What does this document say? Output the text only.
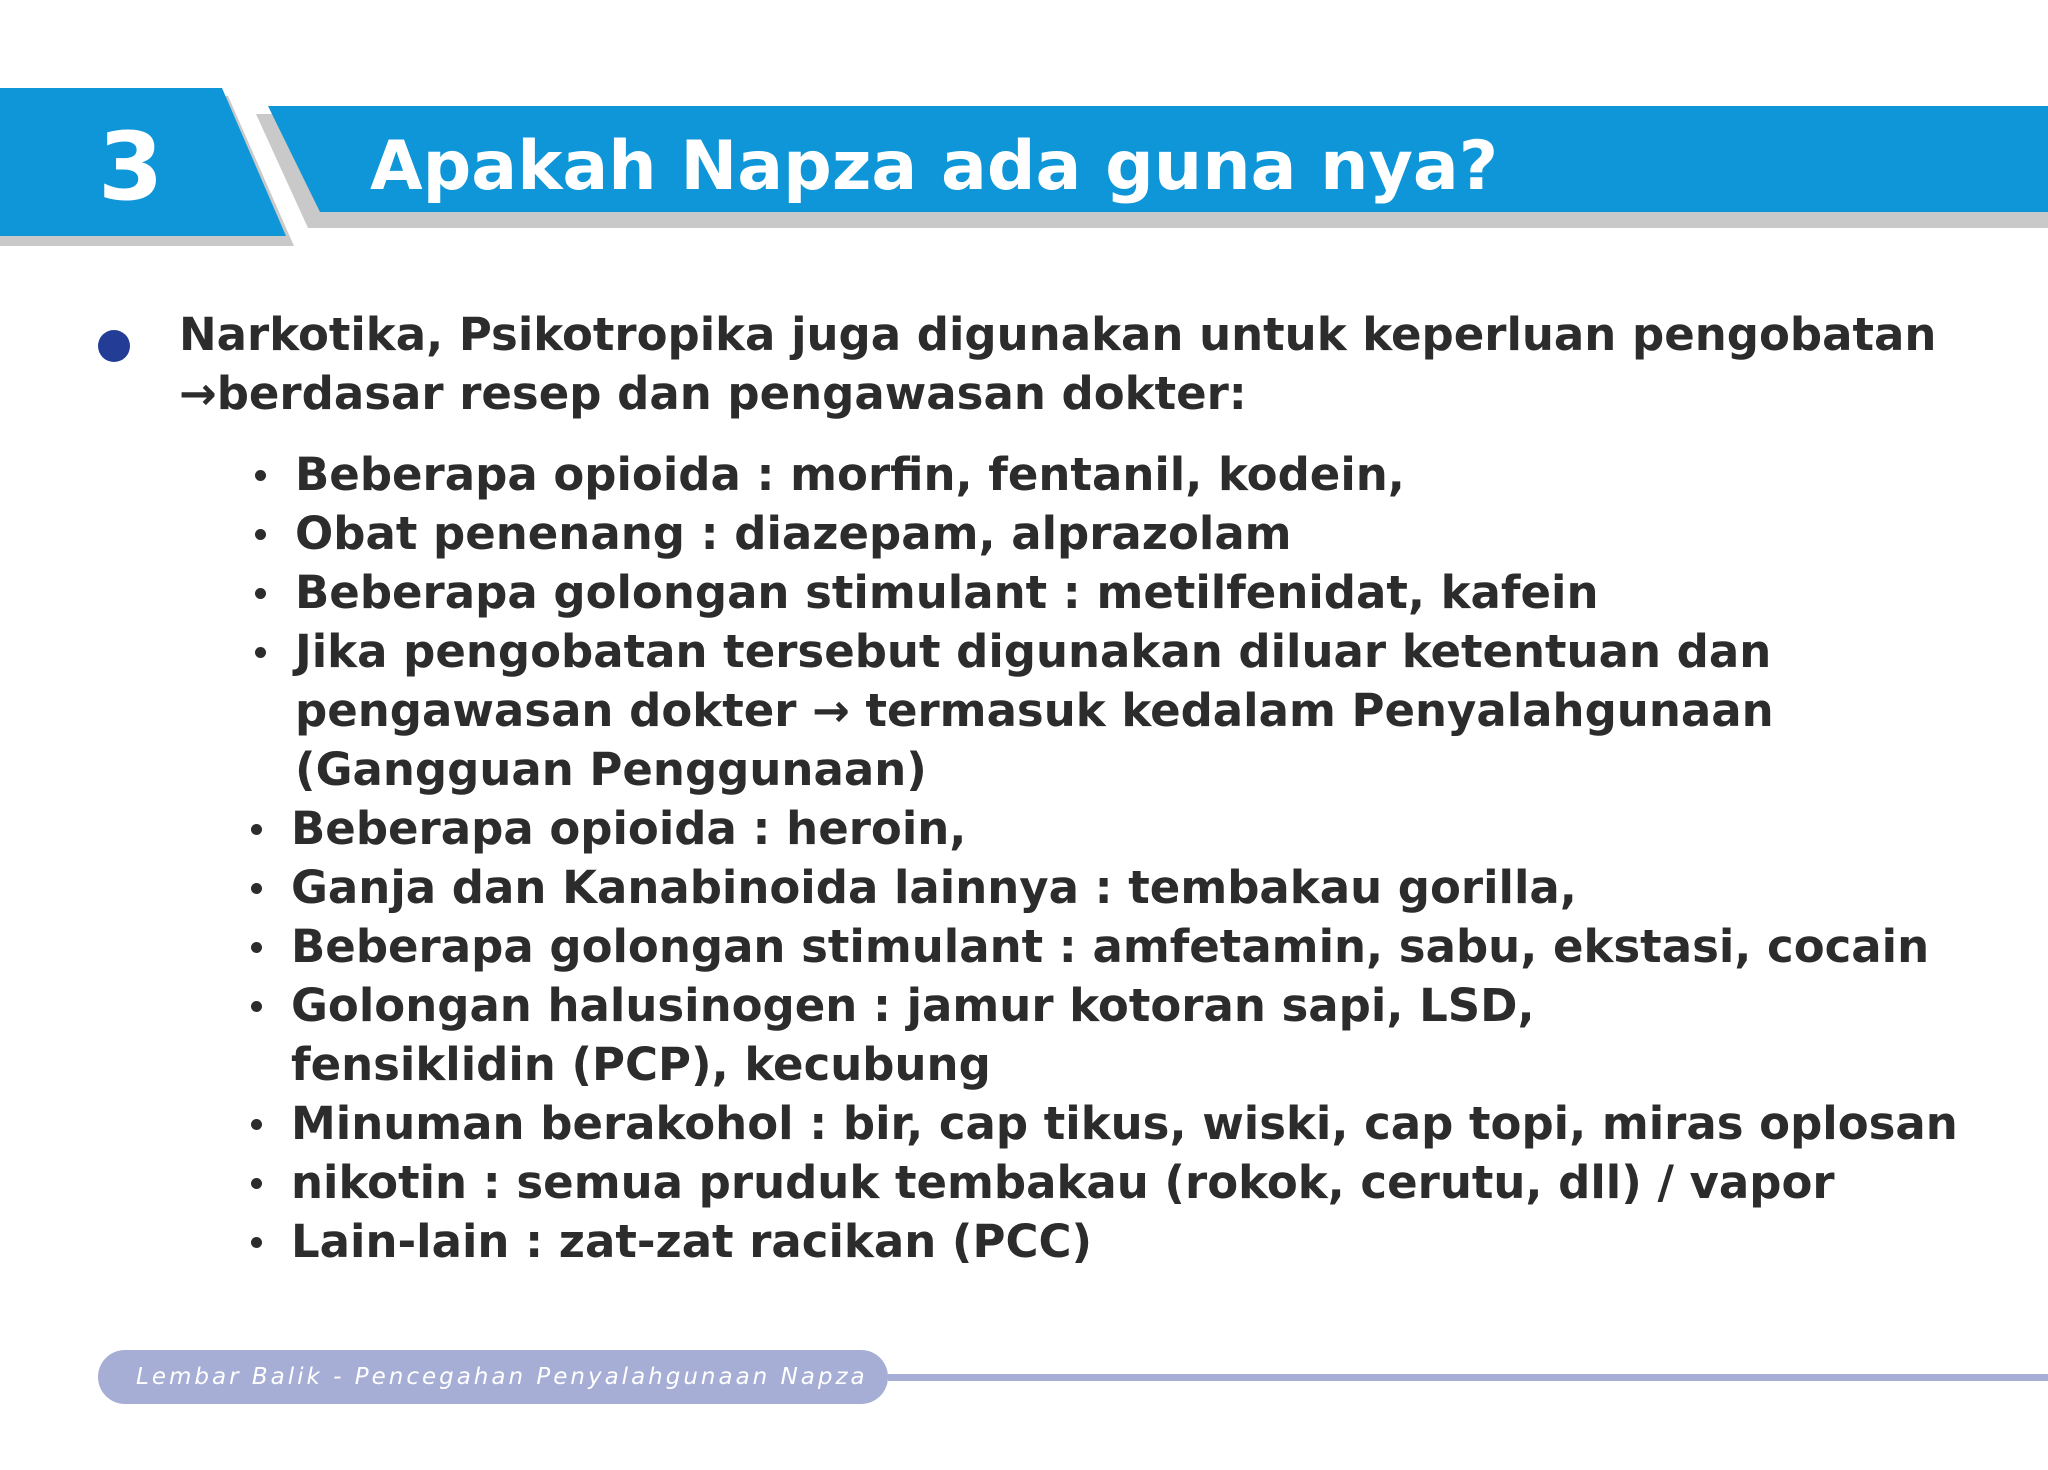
3	Apakah Napza ada guna nya?
Narkotika, Psikotropika juga digunakan untuk keperluan pengobatan
→berdasar resep dan pengawasan dokter:
Beberapa opioida : morfin, fentanil, kodein,
Obat penenang : diazepam, alprazolam
Beberapa golongan stimulant : metilfenidat, kafein
Jika pengobatan tersebut digunakan diluar ketentuan dan
pengawasan dokter → termasuk kedalam Penyalahgunaan
(Gangguan Penggunaan)
Beberapa opioida : heroin,
Ganja dan Kanabinoida lainnya : tembakau gorilla,
Beberapa golongan stimulant : amfetamin, sabu, ekstasi, cocain
Golongan halusinogen : jamur kotoran sapi, LSD,
fensiklidin (PCP), kecubung
Minuman berakohol : bir, cap tikus, wiski, cap topi, miras oplosan
nikotin : semua pruduk tembakau (rokok, cerutu, dll) / vapor
Lain-lain : zat-zat racikan (PCC)
Lembar Balik - Pencegahan Penyalahgunaan Napza
